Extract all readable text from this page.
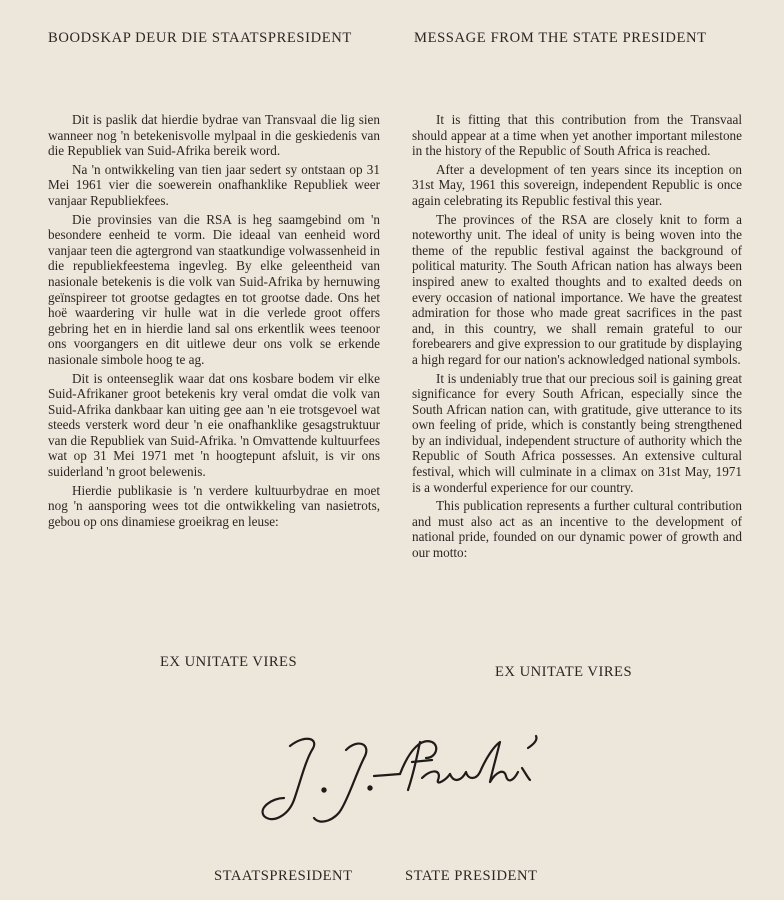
BOODSKAP DEUR DIE STAATSPRESIDENT	MESSAGE FROM THE STATE PRESIDENT

Dit is paslik dat hierdie bydrae van Transvaal die lig sien wanneer nog 'n betekenisvolle mylpaal in die geskiedenis van die Republiek van Suid-Afrika bereik word.

Na 'n ontwikkeling van tien jaar sedert sy ontstaan op 31 Mei 1961 vier die soewerein onafhanklike Republiek weer vanjaar Republiekfees.

Die provinsies van die RSA is heg saamgebind om 'n besondere eenheid te vorm. Die ideaal van eenheid word vanjaar teen die agtergrond van staatkundige volwassenheid in die republiekfeestema ingevleg. By elke geleentheid van nasionale betekenis is die volk van Suid-Afrika by hernuwing geïnspireer tot grootse gedagtes en tot grootse dade. Ons het hoë waardering vir hulle wat in die verlede groot offers gebring het en in hierdie land sal ons erkentlik wees teenoor ons voorgangers en dit uitlewe deur ons volk se erkende nasionale simbole hoog te ag.

Dit is onteenseglik waar dat ons kosbare bodem vir elke Suid-Afrikaner groot betekenis kry veral omdat die volk van Suid-Afrika dankbaar kan uiting gee aan 'n eie trotsgevoel wat steeds versterk word deur 'n eie onafhanklike gesagstruktuur van die Republiek van Suid-Afrika. 'n Omvattende kultuurfees wat op 31 Mei 1971 met 'n hoogtepunt afsluit, is vir ons suiderland 'n groot belewenis.

Hierdie publikasie is 'n verdere kultuurbydrae en moet nog 'n aansporing wees tot die ontwikkeling van nasietrots, gebou op ons dinamiese groeikrag en leuse:

It is fitting that this contribution from the Transvaal should appear at a time when yet another important milestone in the history of the Republic of South Africa is reached.

After a development of ten years since its inception on 31st May, 1961 this sovereign, independent Republic is once again celebrating its Republic festival this year.

The provinces of the RSA are closely knit to form a noteworthy unit. The ideal of unity is being woven into the theme of the republic festival against the background of political maturity. The South African nation has always been inspired anew to exalted thoughts and to exalted deeds on every occasion of national importance. We have the greatest admiration for those who made great sacrifices in the past and, in this country, we shall remain grateful to our forebearers and give expression to our gratitude by displaying a high regard for our nation's acknowledged national symbols.

It is undeniably true that our precious soil is gaining great significance for every South African, especially since the South African nation can, with gratitude, give utterance to its own feeling of pride, which is constantly being strengthened by an individual, independent structure of authority which the Republic of South Africa possesses. An extensive cultural festival, which will culminate in a climax on 31st May, 1971 is a wonderful experience for our country.

This publication represents a further cultural contribution and must also act as an incentive to the development of national pride, founded on our dynamic power of growth and our motto:

EX UNITATE VIRES
EX UNITATE VIRES
STAATSPRESIDENT	STATE PRESIDENT
